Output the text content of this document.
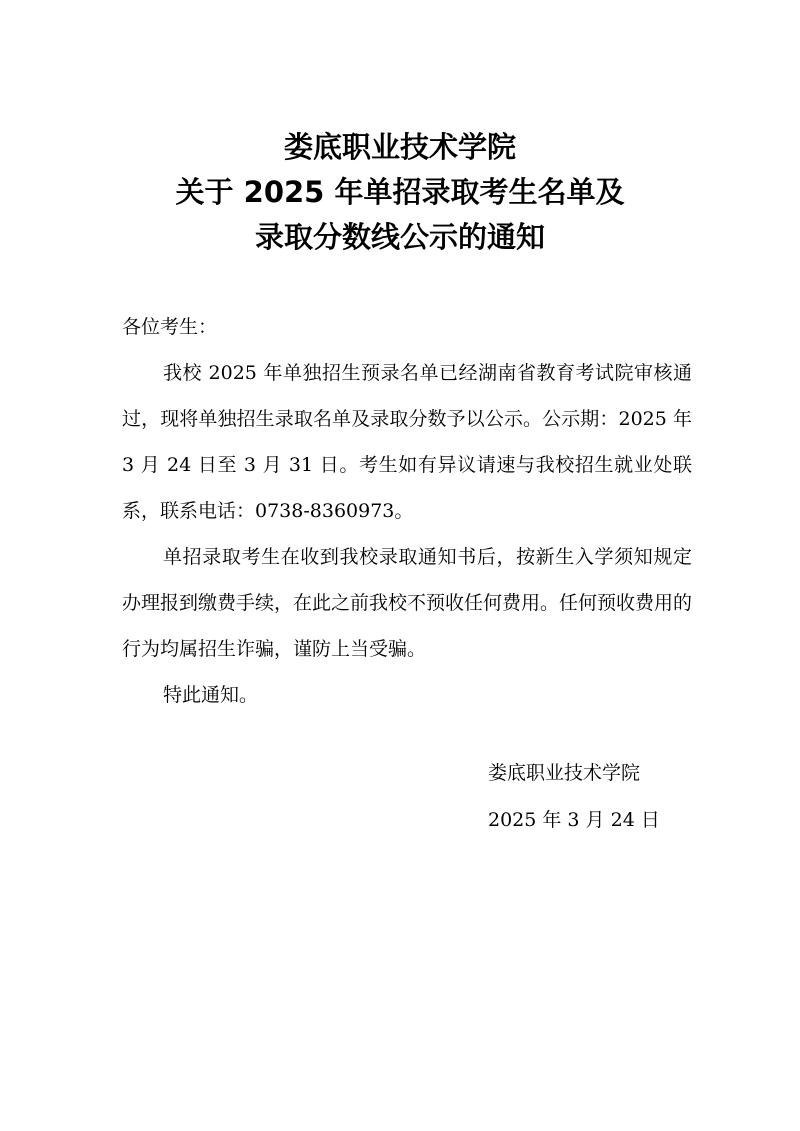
娄底职业技术学院
关于 2025 年单招录取考生名单及
录取分数线公示的通知
各位考生：

我校 2025 年单独招生预录名单已经湖南省教育考试院审核通过，现将单独招生录取名单及录取分数予以公示。公示期：2025 年 3 月 24 日至 3 月 31 日。考生如有异议请速与我校招生就业处联系，联系电话：0738-8360973。

单招录取考生在收到我校录取通知书后，按新生入学须知规定办理报到缴费手续，在此之前我校不预收任何费用。任何预收费用的行为均属招生诈骗，谨防上当受骗。

特此通知。

娄底职业技术学院
2025 年 3 月 24 日
